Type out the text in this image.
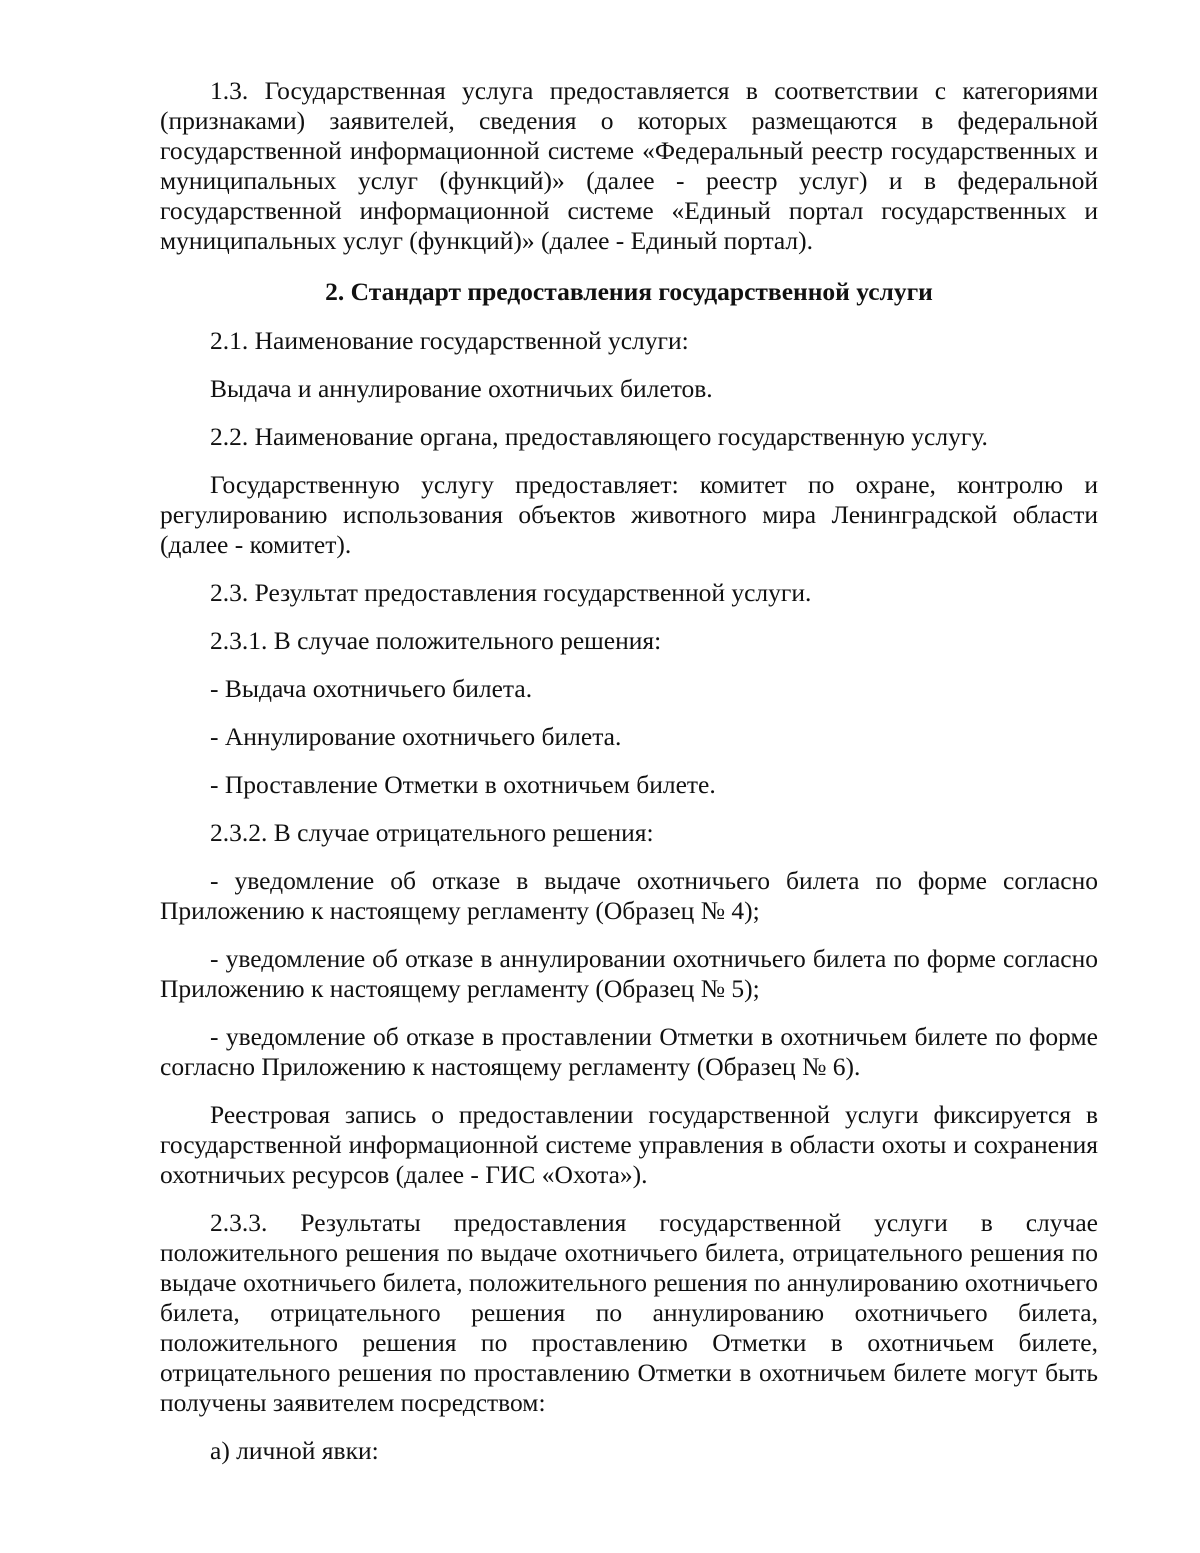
1.3. Государственная услуга предоставляется в соответствии с категориями (признаками) заявителей, сведения о которых размещаются в федеральной государственной информационной системе «Федеральный реестр государственных и муниципальных услуг (функций)» (далее - реестр услуг) и в федеральной государственной информационной системе «Единый портал государственных и муниципальных услуг (функций)» (далее - Единый портал).

2. Стандарт предоставления государственной услуги

2.1. Наименование государственной услуги:

Выдача и аннулирование охотничьих билетов.

2.2. Наименование органа, предоставляющего государственную услугу.

Государственную услугу предоставляет: комитет по охране, контролю и регулированию использования объектов животного мира Ленинградской области (далее - комитет).

2.3. Результат предоставления государственной услуги.

2.3.1. В случае положительного решения:

- Выдача охотничьего билета.

- Аннулирование охотничьего билета.

- Проставление Отметки в охотничьем билете.

2.3.2. В случае отрицательного решения:

- уведомление об отказе в выдаче охотничьего билета по форме согласно Приложению к настоящему регламенту (Образец № 4);

- уведомление об отказе в аннулировании охотничьего билета по форме согласно Приложению к настоящему регламенту (Образец № 5);

- уведомление об отказе в проставлении Отметки в охотничьем билете по форме согласно Приложению к настоящему регламенту (Образец № 6).

Реестровая запись о предоставлении государственной услуги фиксируется в государственной информационной системе управления в области охоты и сохранения охотничьих ресурсов (далее - ГИС «Охота»).

2.3.3. Результаты предоставления государственной услуги в случае положительного решения по выдаче охотничьего билета, отрицательного решения по выдаче охотничьего билета, положительного решения по аннулированию охотничьего билета, отрицательного решения по аннулированию охотничьего билета, положительного решения по проставлению Отметки в охотничьем билете, отрицательного решения по проставлению Отметки в охотничьем билете могут быть получены заявителем посредством:

а) личной явки:
